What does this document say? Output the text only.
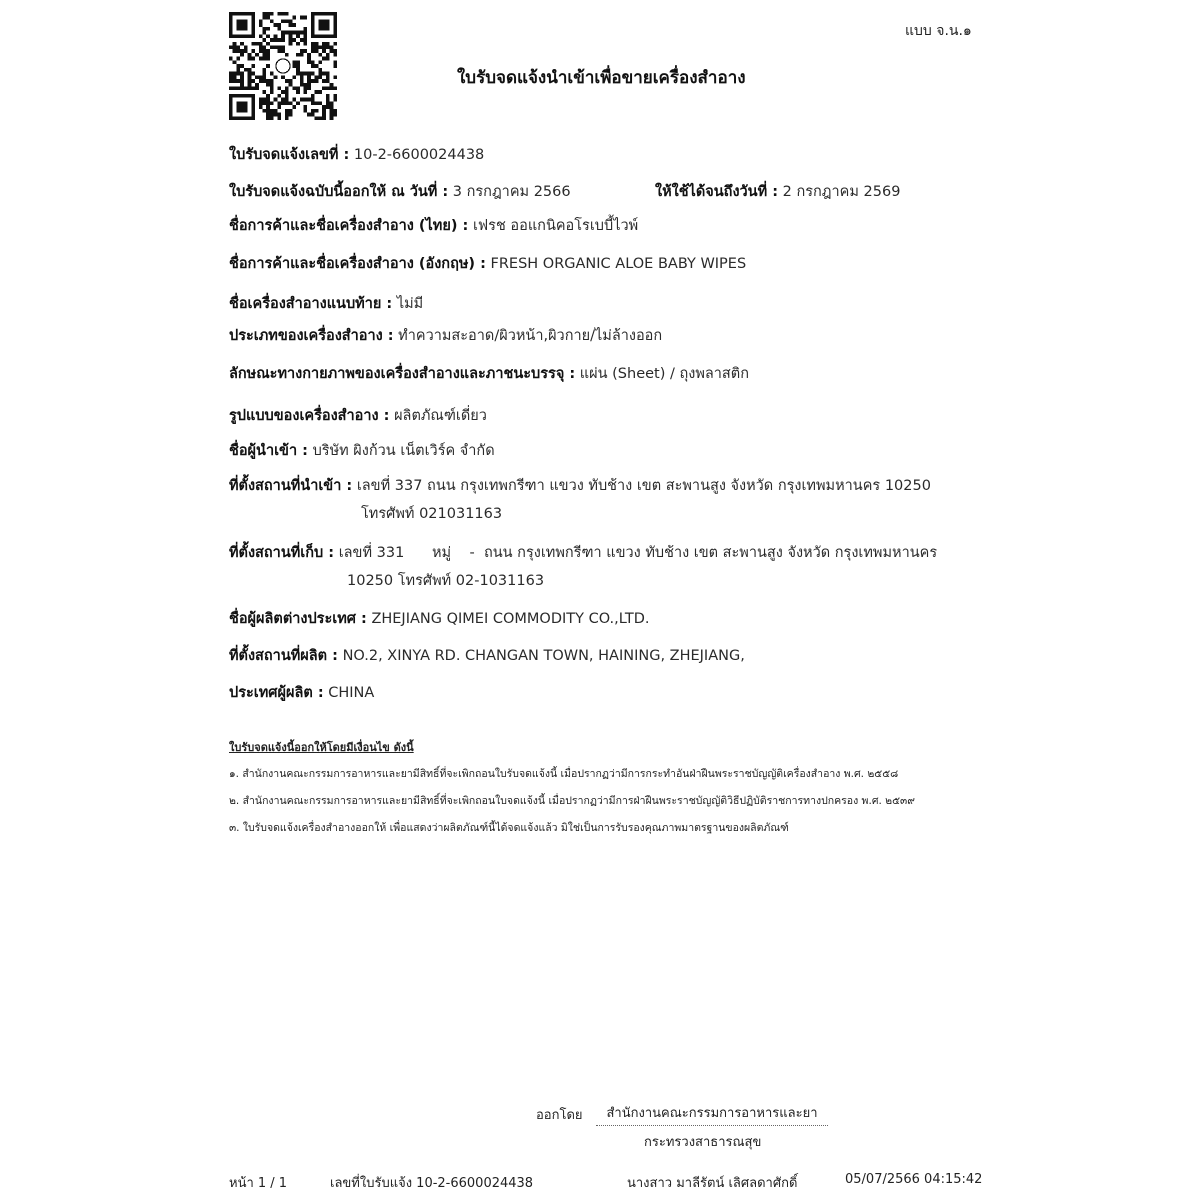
แบบ จ.น.๑
ใบรับจดแจ้งนำเข้าเพื่อขายเครื่องสำอาง
ใบรับจดแจ้งเลขที่ : 10-2-6600024438
ใบรับจดแจ้งฉบับนี้ออกให้ ณ วันที่ : 3 กรกฎาคม 2566	ให้ใช้ได้จนถึงวันที่ : 2 กรกฎาคม 2569
ชื่อการค้าและชื่อเครื่องสำอาง (ไทย) : เฟรช ออแกนิคอโรเบบี้ไวพ์
ชื่อการค้าและชื่อเครื่องสำอาง (อังกฤษ) : FRESH ORGANIC ALOE BABY WIPES
ชื่อเครื่องสำอางแนบท้าย : ไม่มี
ประเภทของเครื่องสำอาง : ทำความสะอาด/ผิวหน้า,ผิวกาย/ไม่ล้างออก
ลักษณะทางกายภาพของเครื่องสำอางและภาชนะบรรจุ : แผ่น (Sheet) / ถุงพลาสติก
รูปแบบของเครื่องสำอาง : ผลิตภัณฑ์เดี่ยว
ชื่อผู้นำเข้า : บริษัท ผิงก้วน เน็ตเวิร์ค จำกัด
ที่ตั้งสถานที่นำเข้า : เลขที่ 337 ถนน กรุงเทพกรีฑา แขวง ทับช้าง เขต สะพานสูง จังหวัด กรุงเทพมหานคร 10250
โทรศัพท์ 021031163
ที่ตั้งสถานที่เก็บ : เลขที่ 331      หมู่    -  ถนน กรุงเทพกรีฑา แขวง ทับช้าง เขต สะพานสูง จังหวัด กรุงเทพมหานคร
10250 โทรศัพท์ 02-1031163
ชื่อผู้ผลิตต่างประเทศ : ZHEJIANG QIMEI COMMODITY CO.,LTD.
ที่ตั้งสถานที่ผลิต : NO.2, XINYA RD. CHANGAN TOWN, HAINING, ZHEJIANG,
ประเทศผู้ผลิต : CHINA
ใบรับจดแจ้งนี้ออกให้โดยมีเงื่อนไข ดังนี้
๑. สำนักงานคณะกรรมการอาหารและยามีสิทธิ์ที่จะเพิกถอนใบรับจดแจ้งนี้ เมื่อปรากฏว่ามีการกระทำอันฝ่าฝืนพระราชบัญญัติเครื่องสำอาง พ.ศ. ๒๕๕๘
๒. สำนักงานคณะกรรมการอาหารและยามีสิทธิ์ที่จะเพิกถอนใบจดแจ้งนี้ เมื่อปรากฏว่ามีการฝ่าฝืนพระราชบัญญัติวิธีปฏิบัติราชการทางปกครอง พ.ศ. ๒๕๓๙
๓. ใบรับจดแจ้งเครื่องสำอางออกให้ เพื่อแสดงว่าผลิตภัณฑ์นี้ได้จดแจ้งแล้ว มิใช่เป็นการรับรองคุณภาพมาตรฐานของผลิตภัณฑ์
ออกโดย	สำนักงานคณะกรรมการอาหารและยา
กระทรวงสาธารณสุข
หน้า 1 / 1	เลขที่ใบรับแจ้ง 10-2-6600024438	นางสาว มาลีรัตน์ เลิศลดาศักดิ์	05/07/2566 04:15:42
